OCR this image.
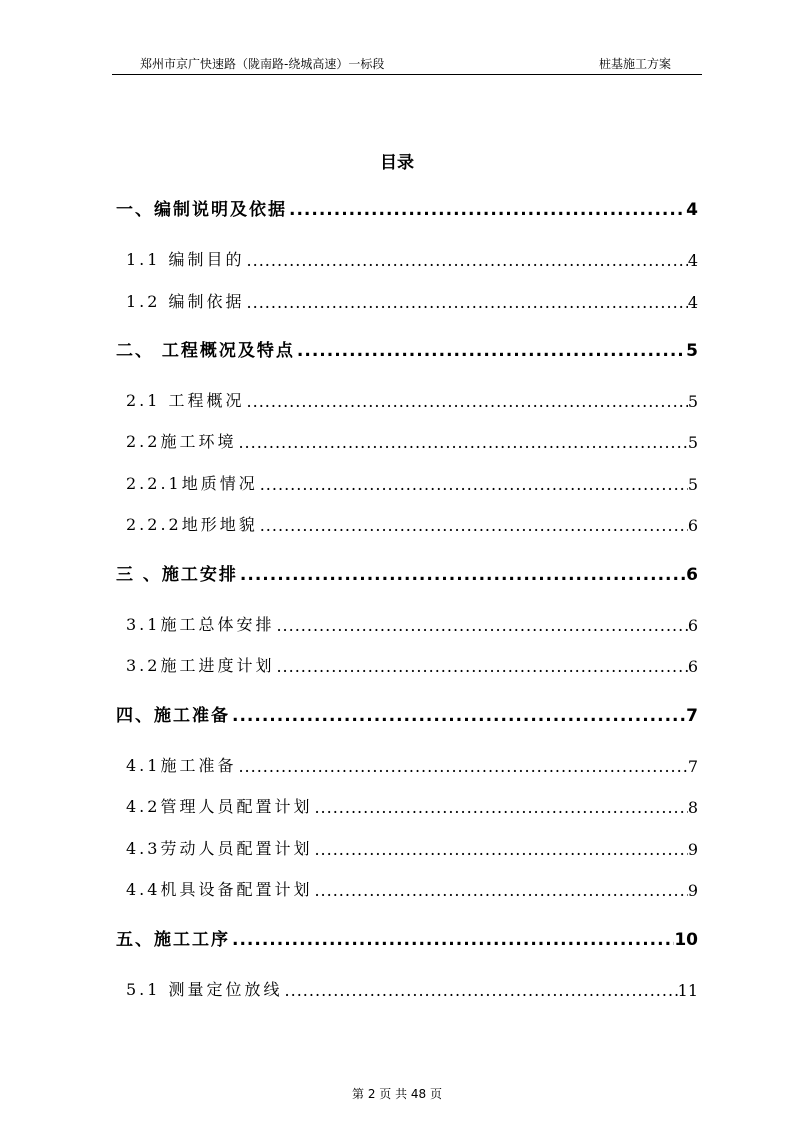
郑州市京广快速路（陇南路-绕城高速）一标段	桩基施工方案
目录
一、编制说明及依据 .....	4
1.1 编制目的 .....	4
1.2 编制依据 .....	4
二、 工程概况及特点 .....	5
2.1 工程概况 .....	5
2.2施工环境 .....	5
2.2.1地质情况 .....	5
2.2.2地形地貌 .....	6
三 、施工安排 .....	6
3.1施工总体安排 .....	6
3.2施工进度计划 .....	6
四、施工准备 .....	7
4.1施工准备 .....	7
4.2管理人员配置计划 .....	8
4.3劳动人员配置计划 .....	9
4.4机具设备配置计划 .....	9
五、施工工序 .....	10
5.1 测量定位放线 .....	11
第 2 页 共 48 页
